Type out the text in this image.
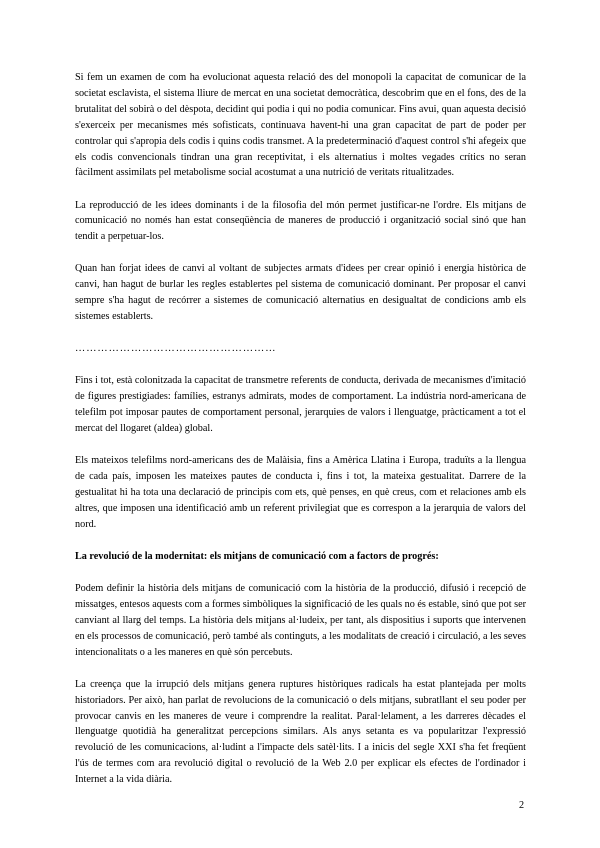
Si fem un examen de com ha evolucionat aquesta relació des del monopoli la capacitat de comunicar de la societat esclavista, el sistema lliure de mercat en una societat democràtica, descobrim que en el fons, des de la brutalitat del sobirà o del dèspota, decidint qui podia i qui no podia comunicar. Fins avui, quan aquesta decisió s'exerceix per mecanismes més sofisticats, continuava havent-hi una gran capacitat de part de poder per controlar qui s'apropia dels codis i quins codis transmet. A la predeterminació d'aquest control s'hi afegeix que els codis convencionals tindran una gran receptivitat, i els alternatius i moltes vegades crítics no seran fàcilment assimilats pel metabolisme social acostumat a una nutrició de veritats ritualitzades.

La reproducció de les idees dominants i de la filosofia del món permet justificar-ne l'ordre. Els mitjans de comunicació no només han estat conseqüència de maneres de producció i organització social sinó que han tendit a perpetuar-los.

Quan han forjat idees de canvi al voltant de subjectes armats d'idees per crear opinió i energia històrica de canvi, han hagut de burlar les regles establertes pel sistema de comunicació dominant. Per proposar el canvi sempre s'ha hagut de recórrer a sistemes de comunicació alternatius en desigualtat de condicions amb els sistemes establerts.

………………………………………………

Fins i tot, està colonitzada la capacitat de transmetre referents de conducta, derivada de mecanismes d'imitació de figures prestigiades: famílies, estranys admirats, modes de comportament. La indústria nord-americana de telefilm pot imposar pautes de comportament personal, jerarquies de valors i llenguatge, pràcticament a tot el mercat del llogaret (aldea) global.

Els mateixos telefilms nord-americans des de Malàisia, fins a Amèrica Llatina i Europa, traduïts a la llengua de cada país, imposen les mateixes pautes de conducta i, fins i tot, la mateixa gestualitat. Darrere de la gestualitat hi ha tota una declaració de principis com ets, què penses, en què creus, com et relaciones amb els altres, que imposen una identificació amb un referent privilegiat que es correspon a la jerarquia de valors del nord.

La revolució de la modernitat: els mitjans de comunicació com a factors de progrés:

Podem definir la història dels mitjans de comunicació com la història de la producció, difusió i recepció de missatges, entesos aquests com a formes simbòliques la significació de les quals no és estable, sinó que pot ser canviant al llarg del temps. La història dels mitjans al·ludeix, per tant, als dispositius i suports que intervenen en els processos de comunicació, però també als continguts, a les modalitats de creació i circulació, a les seves intencionalitats o a les maneres en què són percebuts.

La creença que la irrupció dels mitjans genera ruptures històriques radicals ha estat plantejada per molts historiadors. Per això, han parlat de revolucions de la comunicació o dels mitjans, subratllant el seu poder per provocar canvis en les maneres de veure i comprendre la realitat. Paral·lelament, a les darreres dècades el llenguatge quotidià ha generalitzat percepcions similars. Als anys setanta es va popularitzar l'expressió revolució de les comunicacions, al·ludint a l'impacte dels satèl·lits. I a inicis del segle XXI s'ha fet freqüent l'ús de termes com ara revolució digital o revolució de la Web 2.0 per explicar els efectes de l'ordinador i Internet a la vida diària.

2
